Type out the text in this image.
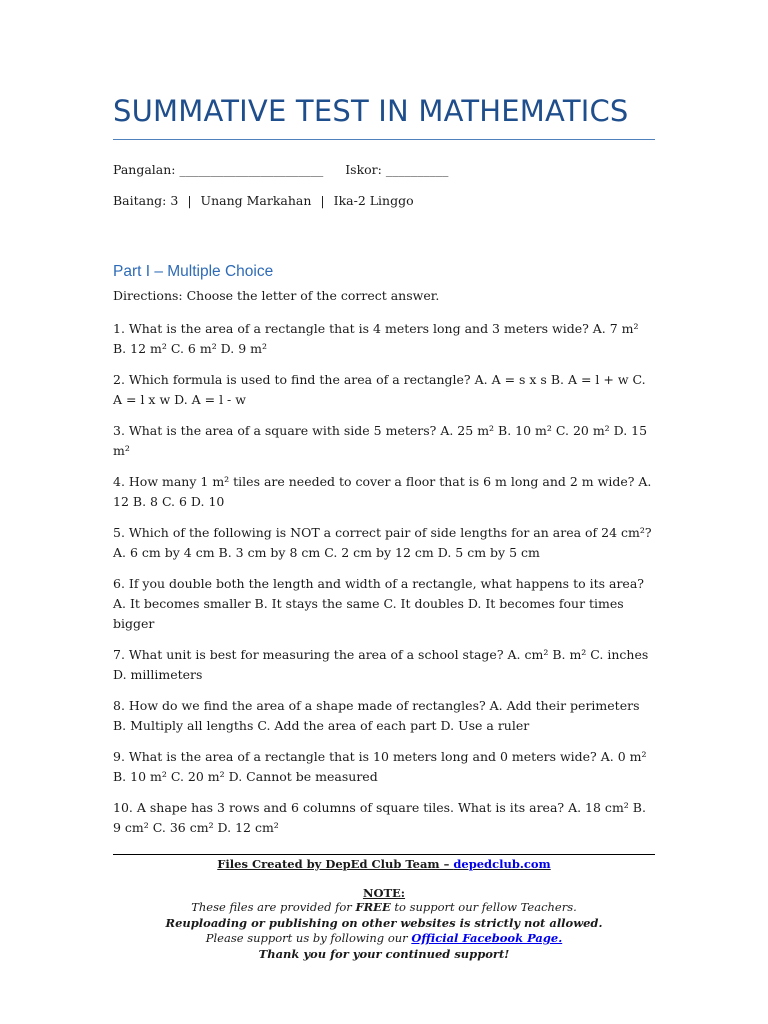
SUMMATIVE TEST IN MATHEMATICS
Pangalan: _______________________ Iskor: __________
Baitang: 3 | Unang Markahan | Ika-2 Linggo
Part I – Multiple Choice
Directions: Choose the letter of the correct answer.

1. What is the area of a rectangle that is 4 meters long and 3 meters wide? A. 7 m² B. 12 m² C. 6 m² D. 9 m²

2. Which formula is used to find the area of a rectangle? A. A = s x s B. A = l + w C. A = l x w D. A = l - w

3. What is the area of a square with side 5 meters? A. 25 m² B. 10 m² C. 20 m² D. 15 m²

4. How many 1 m² tiles are needed to cover a floor that is 6 m long and 2 m wide? A. 12 B. 8 C. 6 D. 10

5. Which of the following is NOT a correct pair of side lengths for an area of 24 cm²? A. 6 cm by 4 cm B. 3 cm by 8 cm C. 2 cm by 12 cm D. 5 cm by 5 cm

6. If you double both the length and width of a rectangle, what happens to its area? A. It becomes smaller B. It stays the same C. It doubles D. It becomes four times bigger

7. What unit is best for measuring the area of a school stage? A. cm² B. m² C. inches D. millimeters

8. How do we find the area of a shape made of rectangles? A. Add their perimeters B. Multiply all lengths C. Add the area of each part D. Use a ruler

9. What is the area of a rectangle that is 10 meters long and 0 meters wide? A. 0 m² B. 10 m² C. 20 m² D. Cannot be measured

10. A shape has 3 rows and 6 columns of square tiles. What is its area? A. 18 cm² B. 9 cm² C. 36 cm² D. 12 cm²

Files Created by DepEd Club Team – depedclub.com
NOTE:
These files are provided for FREE to support our fellow Teachers.
Reuploading or publishing on other websites is strictly not allowed.
Please support us by following our Official Facebook Page.
Thank you for your continued support!
